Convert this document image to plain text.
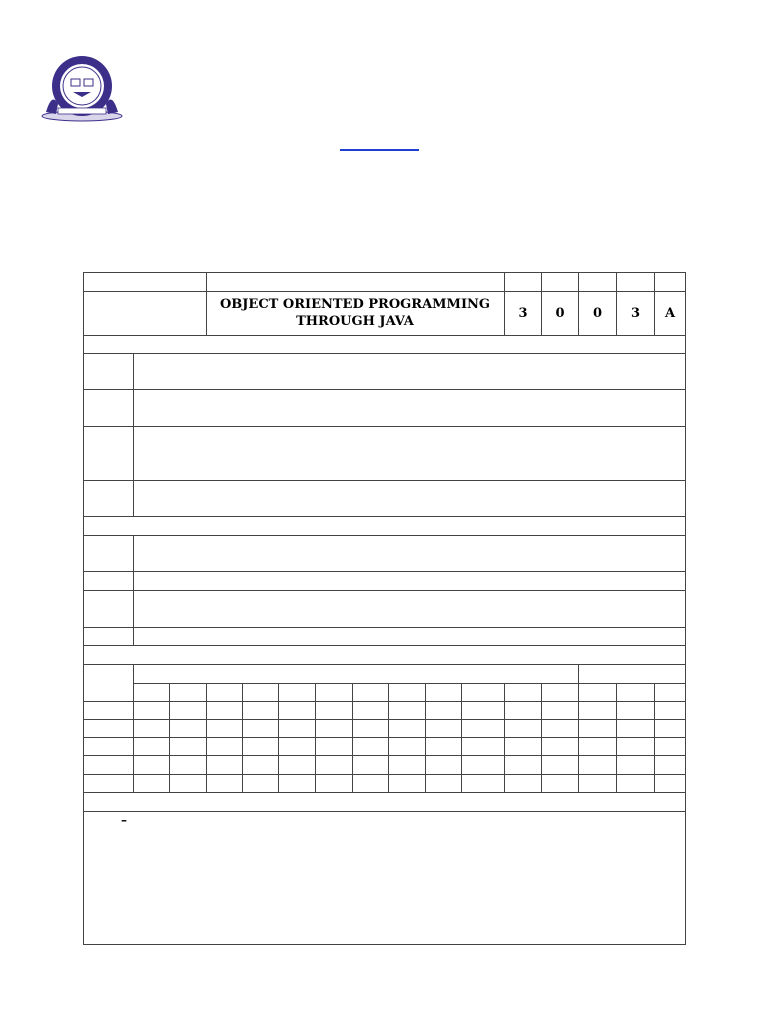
OBJECT ORIENTED PROGRAMMING
THROUGH JAVA
3	0	0	3	A
–
